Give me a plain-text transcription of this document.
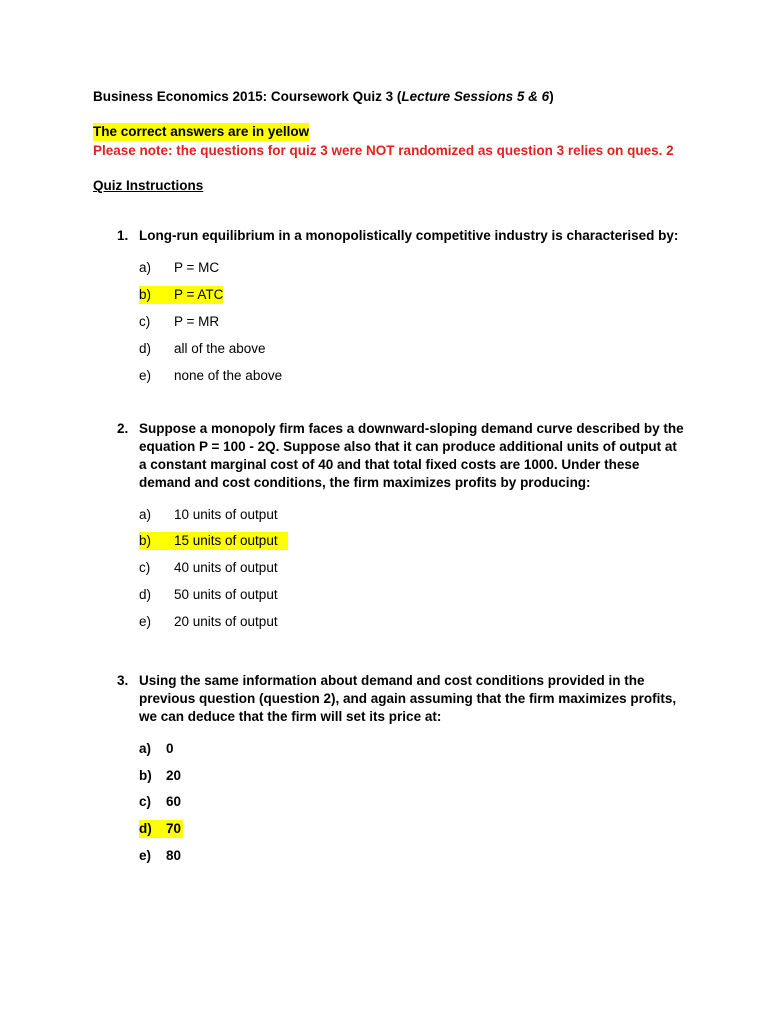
Business Economics 2015: Coursework Quiz 3 (Lecture Sessions 5 & 6)
The correct answers are in yellow
Please note: the questions for quiz 3 were NOT randomized as question 3 relies on ques. 2
Quiz Instructions
1. Long-run equilibrium in a monopolistically competitive industry is characterised by:
a) P = MC
b) P = ATC
c) P = MR
d) all of the above
e) none of the above
2. Suppose a monopoly firm faces a downward-sloping demand curve described by the
equation P = 100 - 2Q. Suppose also that it can produce additional units of output at
a constant marginal cost of 40 and that total fixed costs are 1000. Under these
demand and cost conditions, the firm maximizes profits by producing:
a) 10 units of output
b) 15 units of output
c) 40 units of output
d) 50 units of output
e) 20 units of output
3. Using the same information about demand and cost conditions provided in the
previous question (question 2), and again assuming that the firm maximizes profits,
we can deduce that the firm will set its price at:
a) 0
b) 20
c) 60
d) 70
e) 80
